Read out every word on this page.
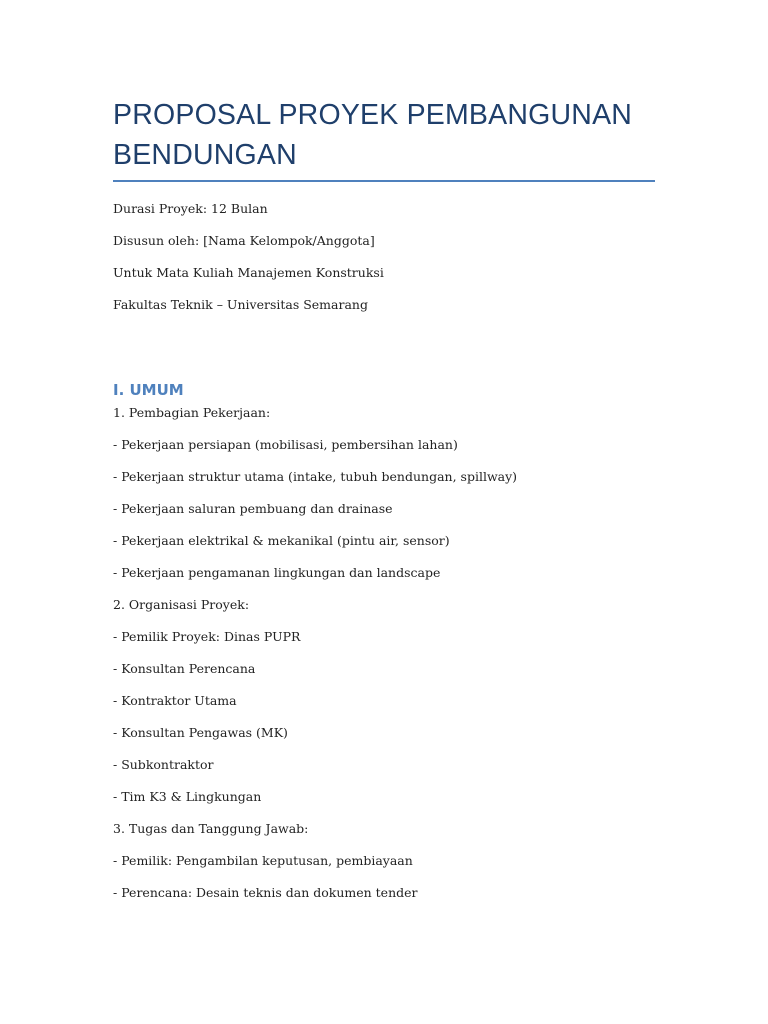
PROPOSAL PROYEK PEMBANGUNAN
BENDUNGAN

Durasi Proyek: 12 Bulan

Disusun oleh: [Nama Kelompok/Anggota]

Untuk Mata Kuliah Manajemen Konstruksi

Fakultas Teknik – Universitas Semarang

I. UMUM

1. Pembagian Pekerjaan:

- Pekerjaan persiapan (mobilisasi, pembersihan lahan)

- Pekerjaan struktur utama (intake, tubuh bendungan, spillway)

- Pekerjaan saluran pembuang dan drainase

- Pekerjaan elektrikal & mekanikal (pintu air, sensor)

- Pekerjaan pengamanan lingkungan dan landscape

2. Organisasi Proyek:

- Pemilik Proyek: Dinas PUPR

- Konsultan Perencana

- Kontraktor Utama

- Konsultan Pengawas (MK)

- Subkontraktor

- Tim K3 & Lingkungan

3. Tugas dan Tanggung Jawab:

- Pemilik: Pengambilan keputusan, pembiayaan

- Perencana: Desain teknis dan dokumen tender
